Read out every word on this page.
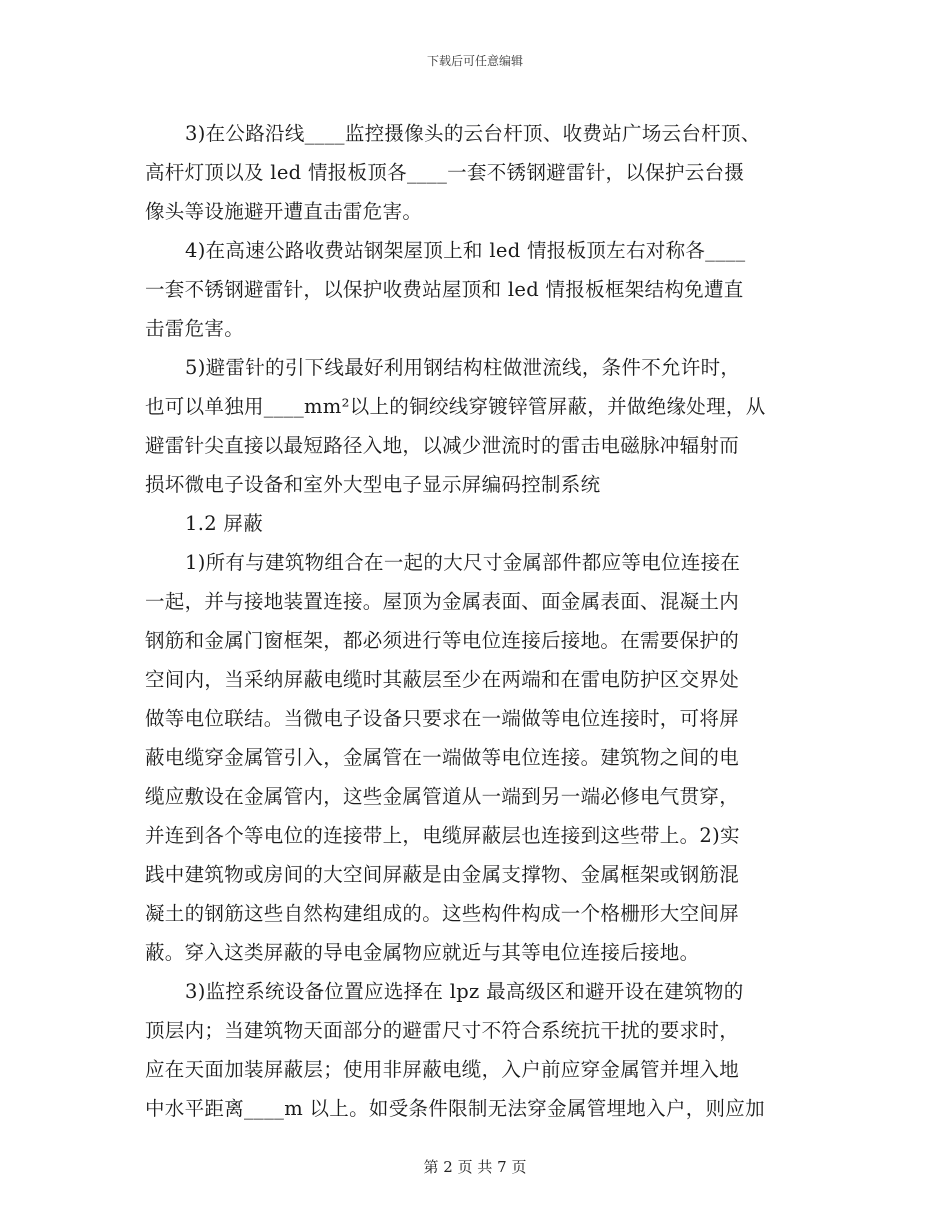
下载后可任意编辑
3)在公路沿线____监控摄像头的云台杆顶、收费站广场云台杆顶、
高杆灯顶以及 led 情报板顶各____一套不锈钢避雷针，以保护云台摄
像头等设施避开遭直击雷危害。
4)在高速公路收费站钢架屋顶上和 led 情报板顶左右对称各____
一套不锈钢避雷针，以保护收费站屋顶和 led 情报板框架结构免遭直
击雷危害。
5)避雷针的引下线最好利用钢结构柱做泄流线，条件不允许时，
也可以单独用____mm²以上的铜绞线穿镀锌管屏蔽，并做绝缘处理，从
避雷针尖直接以最短路径入地，以减少泄流时的雷击电磁脉冲辐射而
损坏微电子设备和室外大型电子显示屏编码控制系统
1.2 屏蔽
1)所有与建筑物组合在一起的大尺寸金属部件都应等电位连接在
一起，并与接地装置连接。屋顶为金属表面、面金属表面、混凝土内
钢筋和金属门窗框架，都必须进行等电位连接后接地。在需要保护的
空间内，当采纳屏蔽电缆时其蔽层至少在两端和在雷电防护区交界处
做等电位联结。当微电子设备只要求在一端做等电位连接时，可将屏
蔽电缆穿金属管引入，金属管在一端做等电位连接。建筑物之间的电
缆应敷设在金属管内，这些金属管道从一端到另一端必修电气贯穿，
并连到各个等电位的连接带上，电缆屏蔽层也连接到这些带上。2)实
践中建筑物或房间的大空间屏蔽是由金属支撑物、金属框架或钢筋混
凝土的钢筋这些自然构建组成的。这些构件构成一个格栅形大空间屏
蔽。穿入这类屏蔽的导电金属物应就近与其等电位连接后接地。
3)监控系统设备位置应选择在 lpz 最高级区和避开设在建筑物的
顶层内；当建筑物天面部分的避雷尺寸不符合系统抗干扰的要求时，
应在天面加装屏蔽层；使用非屏蔽电缆，入户前应穿金属管并埋入地
中水平距离____m 以上。如受条件限制无法穿金属管埋地入户，则应加
第 2 页 共 7 页
